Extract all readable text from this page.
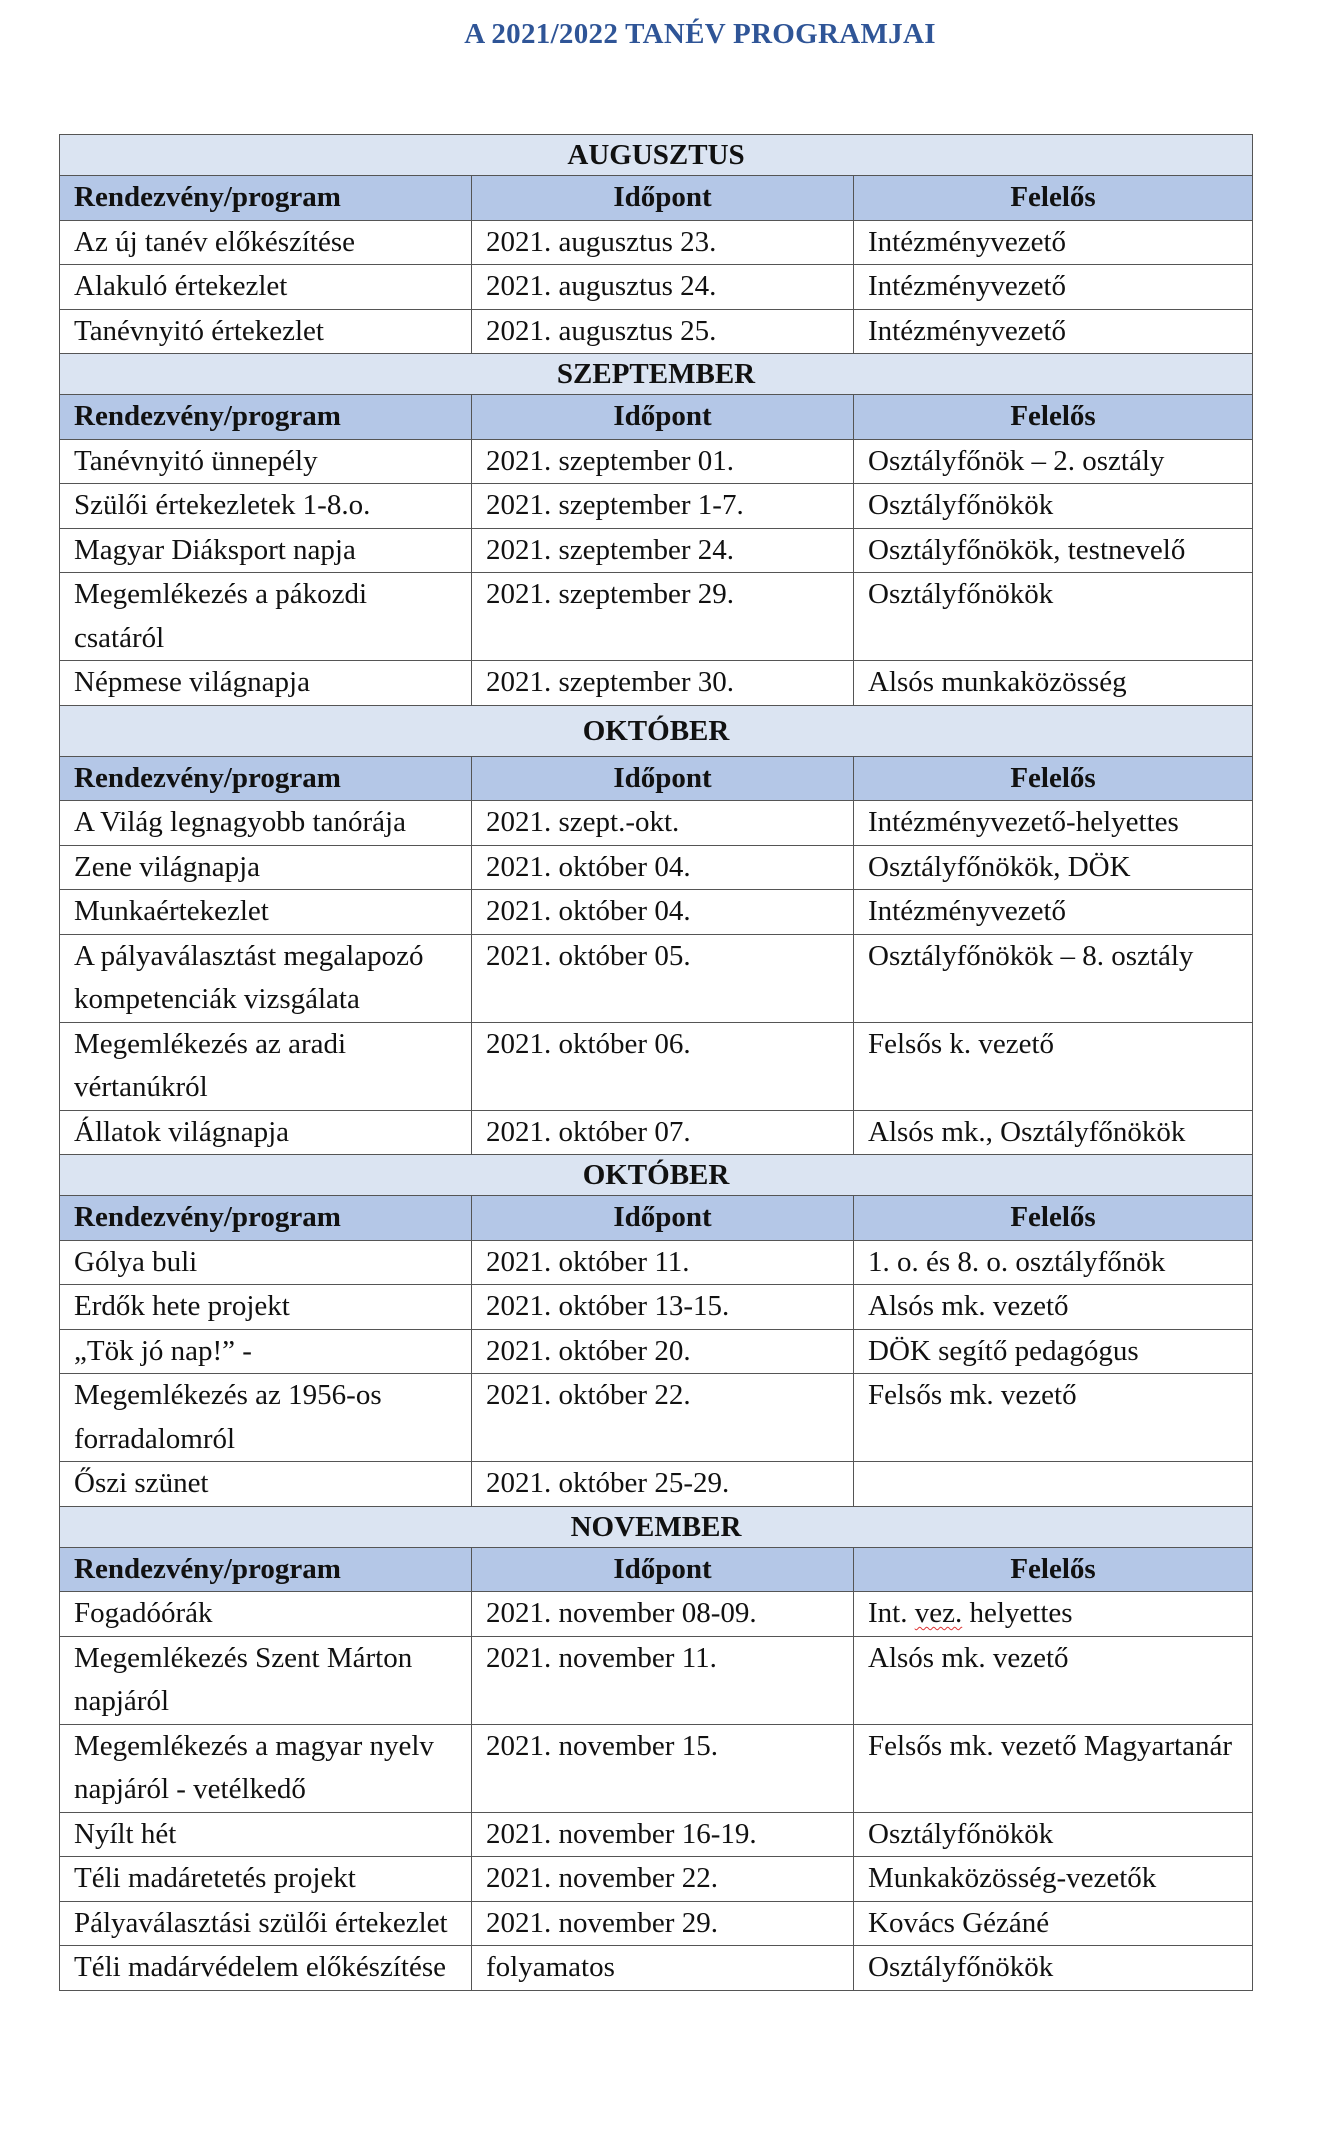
A 2021/2022 TANÉV PROGRAMJAI
AUGUSZTUS		
Rendezvény/program	Időpont	Felelős
Az új tanév előkészítése	2021. augusztus 23.	Intézményvezető
Alakuló értekezlet	2021. augusztus 24.	Intézményvezető
Tanévnyitó értekezlet	2021. augusztus 25.	Intézményvezető
SZEPTEMBER		
Rendezvény/program	Időpont	Felelős
Tanévnyitó ünnepély	2021. szeptember 01.	Osztályfőnök – 2. osztály
Szülői értekezletek 1-8.o.	2021. szeptember 1-7.	Osztályfőnökök
Magyar Diáksport napja	2021. szeptember 24.	Osztályfőnökök, testnevelő
Megemlékezés a pákozdi csatáról	2021. szeptember 29.	Osztályfőnökök
Népmese világnapja	2021. szeptember 30.	Alsós munkaközösség
OKTÓBER		
Rendezvény/program	Időpont	Felelős
A Világ legnagyobb tanórája	2021. szept.-okt.	Intézményvezető-helyettes
Zene világnapja	2021. október 04.	Osztályfőnökök, DÖK
Munkaértekezlet	2021. október 04.	Intézményvezető
A pályaválasztást megalapozó kompetenciák vizsgálata	2021. október 05.	Osztályfőnökök – 8. osztály
Megemlékezés az aradi vértanúkról	2021. október 06.	Felsős k. vezető
Állatok világnapja	2021. október 07.	Alsós mk., Osztályfőnökök
OKTÓBER		
Rendezvény/program	Időpont	Felelős
Gólya buli	2021. október 11.	1. o. és 8. o. osztályfőnök
Erdők hete projekt	2021. október 13-15.	Alsós mk. vezető
„Tök jó nap!” -	2021. október 20.	DÖK segítő pedagógus
Megemlékezés az 1956-os forradalomról	2021. október 22.	Felsős mk. vezető
Őszi szünet	2021. október 25-29.	
NOVEMBER		
Rendezvény/program	Időpont	Felelős
Fogadóórák	2021. november 08-09.	Int. vez. helyettes
Megemlékezés Szent Márton napjáról	2021. november 11.	Alsós mk. vezető
Megemlékezés a magyar nyelv napjáról - vetélkedő	2021. november 15.	Felsős mk. vezető Magyartanár
Nyílt hét	2021. november 16-19.	Osztályfőnökök
Téli madáretetés projekt	2021. november 22.	Munkaközösség-vezetők
Pályaválasztási szülői értekezlet	2021. november 29.	Kovács Gézáné
Téli madárvédelem előkészítése	folyamatos	Osztályfőnökök
